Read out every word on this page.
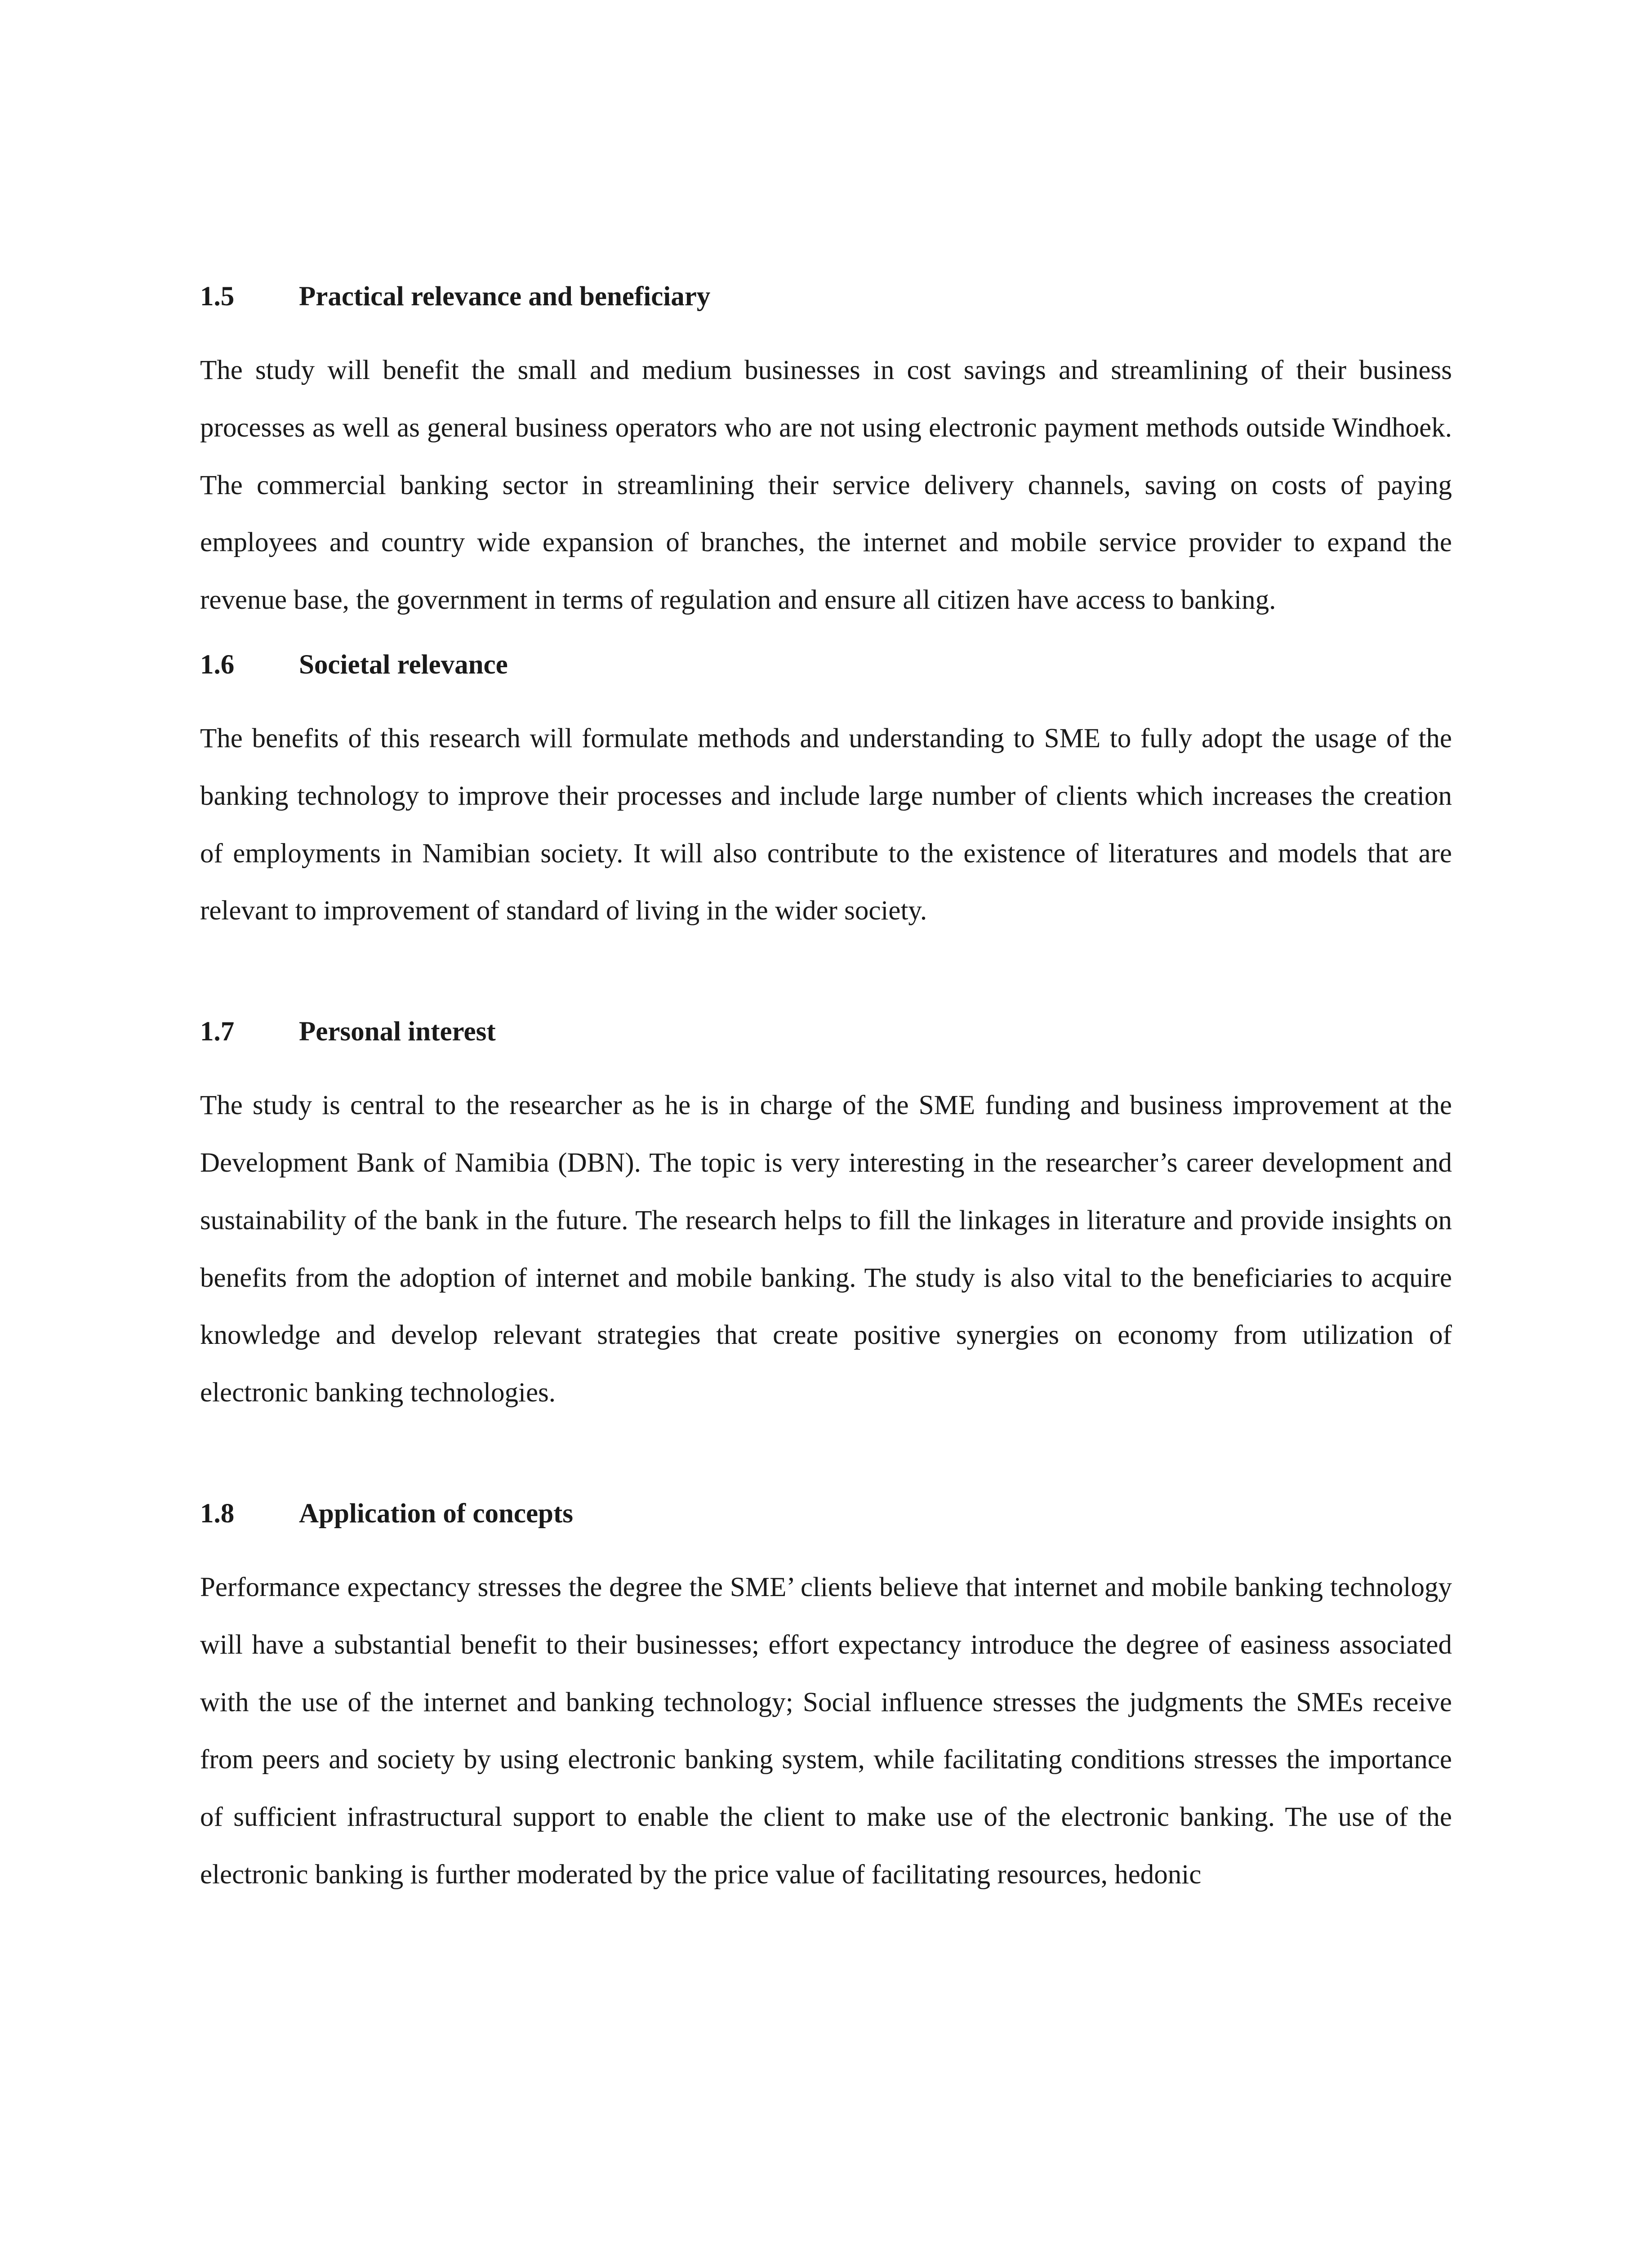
1.5	Practical relevance and beneficiary

The study will benefit the small and medium businesses in cost savings and streamlining of their business processes as well as general business operators who are not using electronic payment methods outside Windhoek. The commercial banking sector in streamlining their service delivery channels, saving on costs of paying employees and country wide expansion of branches, the internet and mobile service provider to expand the revenue base, the government in terms of regulation and ensure all citizen have access to banking.

1.6	Societal relevance

The benefits of this research will formulate methods and understanding to SME to fully adopt the usage of the banking technology to improve their processes and include large number of clients which increases the creation of employments in Namibian society. It will also contribute to the existence of literatures and models that are relevant to improvement of standard of living in the wider society.

1.7	Personal interest

The study is central to the researcher as he is in charge of the SME funding and business improvement at the Development Bank of Namibia (DBN). The topic is very interesting in the researcher’s career development and sustainability of the bank in the future. The research helps to fill the linkages in literature and provide insights on benefits from the adoption of internet and mobile banking. The study is also vital to the beneficiaries to acquire knowledge and develop relevant strategies that create positive synergies on economy from utilization of electronic banking technologies.

1.8	Application of concepts

Performance expectancy stresses the degree the SME’ clients believe that internet and mobile banking technology will have a substantial benefit to their businesses; effort expectancy introduce the degree of easiness associated with the use of the internet and banking technology; Social influence stresses the judgments the SMEs receive from peers and society by using electronic banking system, while facilitating conditions stresses the importance of sufficient infrastructural support to enable the client to make use of the electronic banking. The use of the electronic banking is further moderated by the price value of facilitating resources, hedonic
